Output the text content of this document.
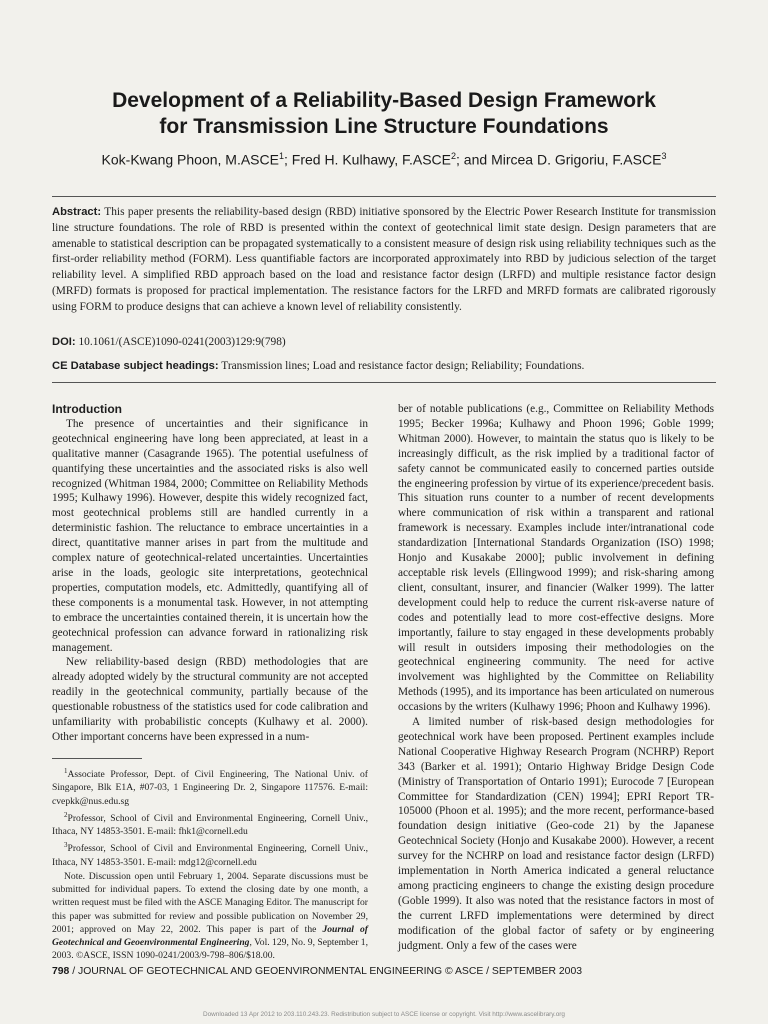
Development of a Reliability-Based Design Framework
for Transmission Line Structure Foundations
Kok-Kwang Phoon, M.ASCE$^1$; Fred H. Kulhawy, F.ASCE$^2$; and Mircea D. Grigoriu, F.ASCE$^3$

Abstract: This paper presents the reliability-based design (RBD) initiative sponsored by the Electric Power Research Institute for transmission line structure foundations. The role of RBD is presented within the context of geotechnical limit state design. Design parameters that are amenable to statistical description can be propagated systematically to a consistent measure of design risk using reliability techniques such as the first-order reliability method (FORM). Less quantifiable factors are incorporated approximately into RBD by judicious selection of the target reliability level. A simplified RBD approach based on the load and resistance factor design (LRFD) and multiple resistance factor design (MRFD) formats is proposed for practical implementation. The resistance factors for the LRFD and MRFD formats are calibrated rigorously using FORM to produce designs that can achieve a known level of reliability consistently.

DOI: 10.1061/(ASCE)1090-0241(2003)129:9(798)

CE Database subject headings: Transmission lines; Load and resistance factor design; Reliability; Foundations.

Introduction

The presence of uncertainties and their significance in geotechnical engineering have long been appreciated, at least in a qualitative manner (Casagrande 1965). The potential usefulness of quantifying these uncertainties and the associated risks is also well recognized (Whitman 1984, 2000; Committee on Reliability Methods 1995; Kulhawy 1996). However, despite this widely recognized fact, most geotechnical problems still are handled currently in a deterministic fashion. The reluctance to embrace uncertainties in a direct, quantitative manner arises in part from the multitude and complex nature of geotechnical-related uncertainties. Uncertainties arise in the loads, geologic site interpretations, geotechnical properties, computation models, etc. Admittedly, quantifying all of these components is a monumental task. However, in not attempting to embrace the uncertainties contained therein, it is uncertain how the geotechnical profession can advance forward in rationalizing risk management.

New reliability-based design (RBD) methodologies that are already adopted widely by the structural community are not accepted readily in the geotechnical community, partially because of the questionable robustness of the statistics used for code calibration and unfamiliarity with probabilistic concepts (Kulhawy et al. 2000). Other important concerns have been expressed in a num-

ber of notable publications (e.g., Committee on Reliability Methods 1995; Becker 1996a; Kulhawy and Phoon 1996; Goble 1999; Whitman 2000). However, to maintain the status quo is likely to be increasingly difficult, as the risk implied by a traditional factor of safety cannot be communicated easily to concerned parties outside the engineering profession by virtue of its experience/precedent basis. This situation runs counter to a number of recent developments where communication of risk within a transparent and rational framework is necessary. Examples include inter/intranational code standardization [International Standards Organization (ISO) 1998; Honjo and Kusakabe 2000]; public involvement in defining acceptable risk levels (Ellingwood 1999); and risk-sharing among client, consultant, insurer, and financier (Walker 1999). The latter development could help to reduce the current risk-averse nature of codes and potentially lead to more cost-effective designs. More importantly, failure to stay engaged in these developments probably will result in outsiders imposing their methodologies on the geotechnical engineering community. The need for active involvement was highlighted by the Committee on Reliability Methods (1995), and its importance has been articulated on numerous occasions by the writers (Kulhawy 1996; Phoon and Kulhawy 1996).

A limited number of risk-based design methodologies for geotechnical work have been proposed. Pertinent examples include National Cooperative Highway Research Program (NCHRP) Report 343 (Barker et al. 1991); Ontario Highway Bridge Design Code (Ministry of Transportation of Ontario 1991); Eurocode 7 [European Committee for Standardization (CEN) 1994]; EPRI Report TR-105000 (Phoon et al. 1995); and the more recent, performance-based foundation design initiative (Geo-code 21) by the Japanese Geotechnical Society (Honjo and Kusakabe 2000). However, a recent survey for the NCHRP on load and resistance factor design (LRFD) implementation in North America indicated a general reluctance among practicing engineers to change the existing design procedure (Goble 1999). It also was noted that the resistance factors in most of the current LRFD implementations were determined by direct modification of the global factor of safety or by engineering judgment. Only a few of the cases were

$^1$Associate Professor, Dept. of Civil Engineering, The National Univ. of Singapore, Blk E1A, #07-03, 1 Engineering Dr. 2, Singapore 117576. E-mail: cvepkk@nus.edu.sg

$^2$Professor, School of Civil and Environmental Engineering, Cornell Univ., Ithaca, NY 14853-3501. E-mail: fhk1@cornell.edu

$^3$Professor, School of Civil and Environmental Engineering, Cornell Univ., Ithaca, NY 14853-3501. E-mail: mdg12@cornell.edu

Note. Discussion open until February 1, 2004. Separate discussions must be submitted for individual papers. To extend the closing date by one month, a written request must be filed with the ASCE Managing Editor. The manuscript for this paper was submitted for review and possible publication on November 29, 2001; approved on May 22, 2002. This paper is part of the Journal of Geotechnical and Geoenvironmental Engineering, Vol. 129, No. 9, September 1, 2003. ©ASCE, ISSN 1090-0241/2003/9-798–806/$18.00.

798 / JOURNAL OF GEOTECHNICAL AND GEOENVIRONMENTAL ENGINEERING © ASCE / SEPTEMBER 2003
Downloaded 13 Apr 2012 to 203.110.243.23. Redistribution subject to ASCE license or copyright. Visit http://www.ascelibrary.org
